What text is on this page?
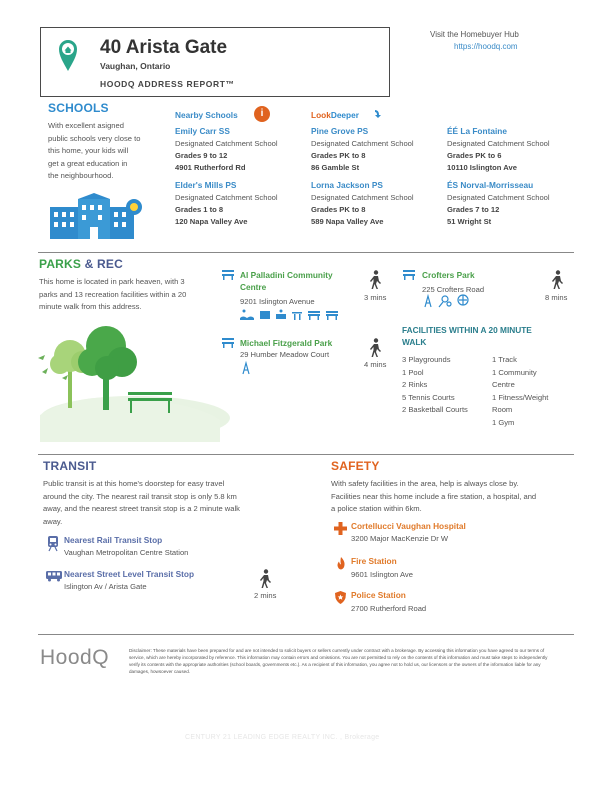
40 Arista Gate
Vaughan, Ontario
HOODQ ADDRESS REPORT™
Visit the Homebuyer Hub
https://hoodq.com
SCHOOLS
With excellent asigned
public schools very close to
this home, your kids will
get a great education in
the neighbourhood.
Nearby Schools	i	LookDeeper
Emily Carr SS
Designated Catchment School
Grades 9 to 12
4901 Rutherford Rd
Elder's Mills PS
Designated Catchment School
Grades 1 to 8
120 Napa Valley Ave
Pine Grove PS
Designated Catchment School
Grades PK to 8
86 Gamble St
Lorna Jackson PS
Designated Catchment School
Grades PK to 8
589 Napa Valley Ave
ÉÉ La Fontaine
Designated Catchment School
Grades PK to 6
10110 Islington Ave
ÉS Norval-Morrisseau
Designated Catchment School
Grades 7 to 12
51 Wright St
PARKS & REC
This home is located in park heaven, with 3
parks and 13 recreation facilities within a 20
minute walk from this address.
Al Palladini Community
Centre
9201 Islington Avenue	3 mins
Crofters Park
225 Crofters Road
8 mins
Michael Fitzgerald Park
29 Humber Meadow Court
4 mins
FACILITIES WITHIN A 20 MINUTE
WALK
3 Playgrounds
1 Pool
2 Rinks
5 Tennis Courts
2 Basketball Courts
1 Track
1 Community
Centre
1 Fitness/Weight
Room
1 Gym
TRANSIT
Public transit is at this home's doorstep for easy travel
around the city. The nearest rail transit stop is only 5.8 km
away, and the nearest street transit stop is a 2 minute walk
away.
Nearest Rail Transit Stop
Vaughan Metropolitan Centre Station
Nearest Street Level Transit Stop
Islington Av / Arista Gate
2 mins
SAFETY
With safety facilities in the area, help is always close by.
Facilities near this home include a fire station, a hospital, and
a police station within 6km.
Cortellucci Vaughan Hospital
3200 Major MacKenzie Dr W
Fire Station
9601 Islington Ave
Police Station
2700 Rutherford Road
HoodQ	Disclaimer: These materials have been prepared for and are not intended to solicit buyers or sellers currently under contract with a brokerage. By accessing this information you have agreed to our terms of
service, which are hereby incorporated by reference. This information may contain errors and omissions. You are not permitted to rely on the contents of this information and must take steps to independently
verify its contents with the appropriate authorities (school boards, governments etc.). As a recipient of this information, you agree not to hold us, our licensors or the owners of the information liable for any
damages, howsoever caused.
CENTURY 21 LEADING EDGE REALTY INC. , Brokerage
